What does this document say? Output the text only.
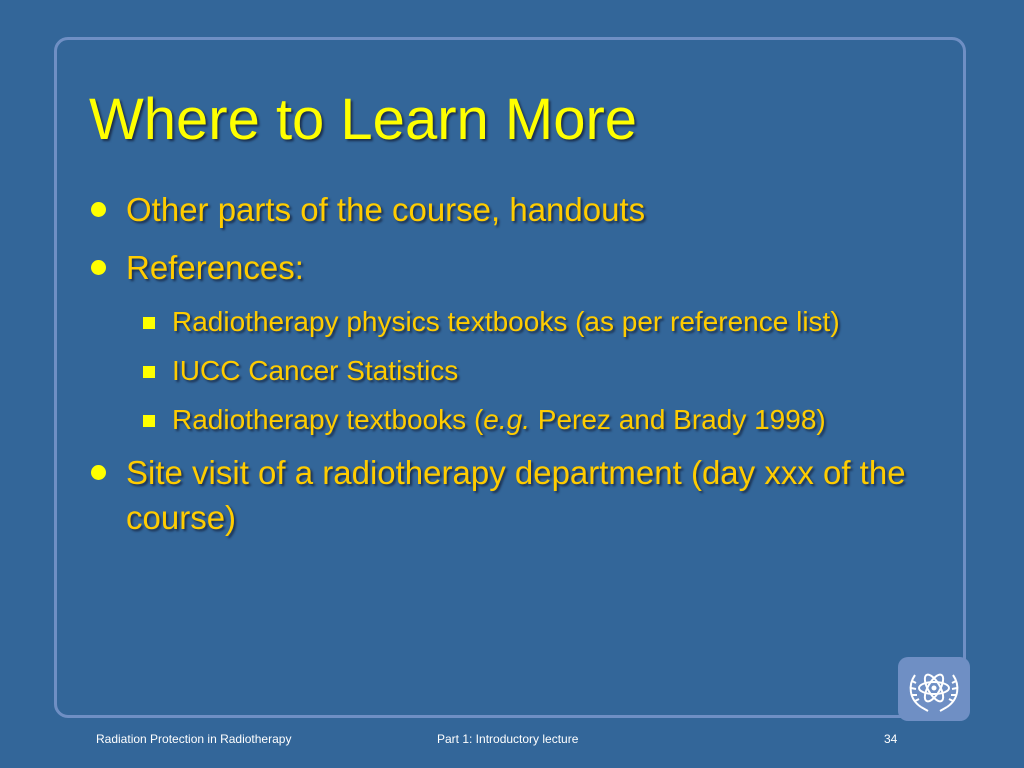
Where to Learn More
Other parts of the course, handouts
References:
Radiotherapy physics textbooks (as per reference list)
IUCC Cancer Statistics
Radiotherapy textbooks (e.g. Perez and Brady 1998)
Site visit of a radiotherapy department (day xxx of the course)
Radiation Protection in Radiotherapy	Part 1: Introductory lecture	34
